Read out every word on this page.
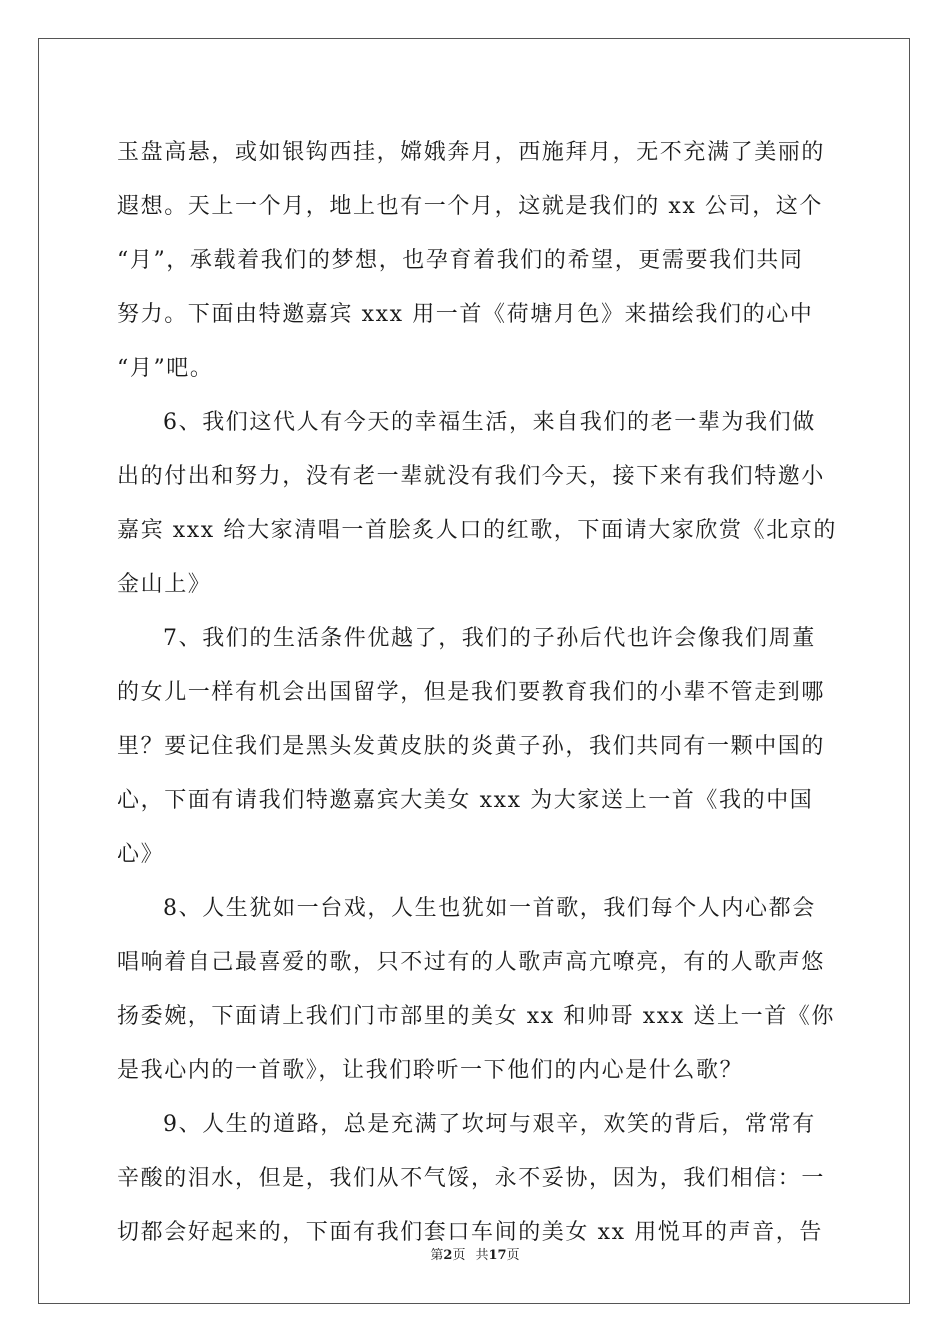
玉盘高悬，或如银钩西挂，嫦娥奔月，西施拜月，无不充满了美丽的
遐想。天上一个月，地上也有一个月，这就是我们的 xx 公司，这个
“月”，承载着我们的梦想，也孕育着我们的希望，更需要我们共同
努力。下面由特邀嘉宾 xxx 用一首《荷塘月色》来描绘我们的心中
“月”吧。
6、我们这代人有今天的幸福生活，来自我们的老一辈为我们做
出的付出和努力，没有老一辈就没有我们今天，接下来有我们特邀小
嘉宾 xxx 给大家清唱一首脍炙人口的红歌，下面请大家欣赏《北京的
金山上》
7、我们的生活条件优越了，我们的子孙后代也许会像我们周董
的女儿一样有机会出国留学，但是我们要教育我们的小辈不管走到哪
里？要记住我们是黑头发黄皮肤的炎黄子孙，我们共同有一颗中国的
心，下面有请我们特邀嘉宾大美女 xxx 为大家送上一首《我的中国
心》
8、人生犹如一台戏，人生也犹如一首歌，我们每个人内心都会
唱响着自己最喜爱的歌，只不过有的人歌声高亢嘹亮，有的人歌声悠
扬委婉，下面请上我们门市部里的美女 xx 和帅哥 xxx 送上一首《你
是我心内的一首歌》，让我们聆听一下他们的内心是什么歌？
9、人生的道路，总是充满了坎坷与艰辛，欢笑的背后，常常有
辛酸的泪水，但是，我们从不气馁，永不妥协，因为，我们相信：一
切都会好起来的，下面有我们套口车间的美女 xx 用悦耳的声音，告
第2页 共17页
